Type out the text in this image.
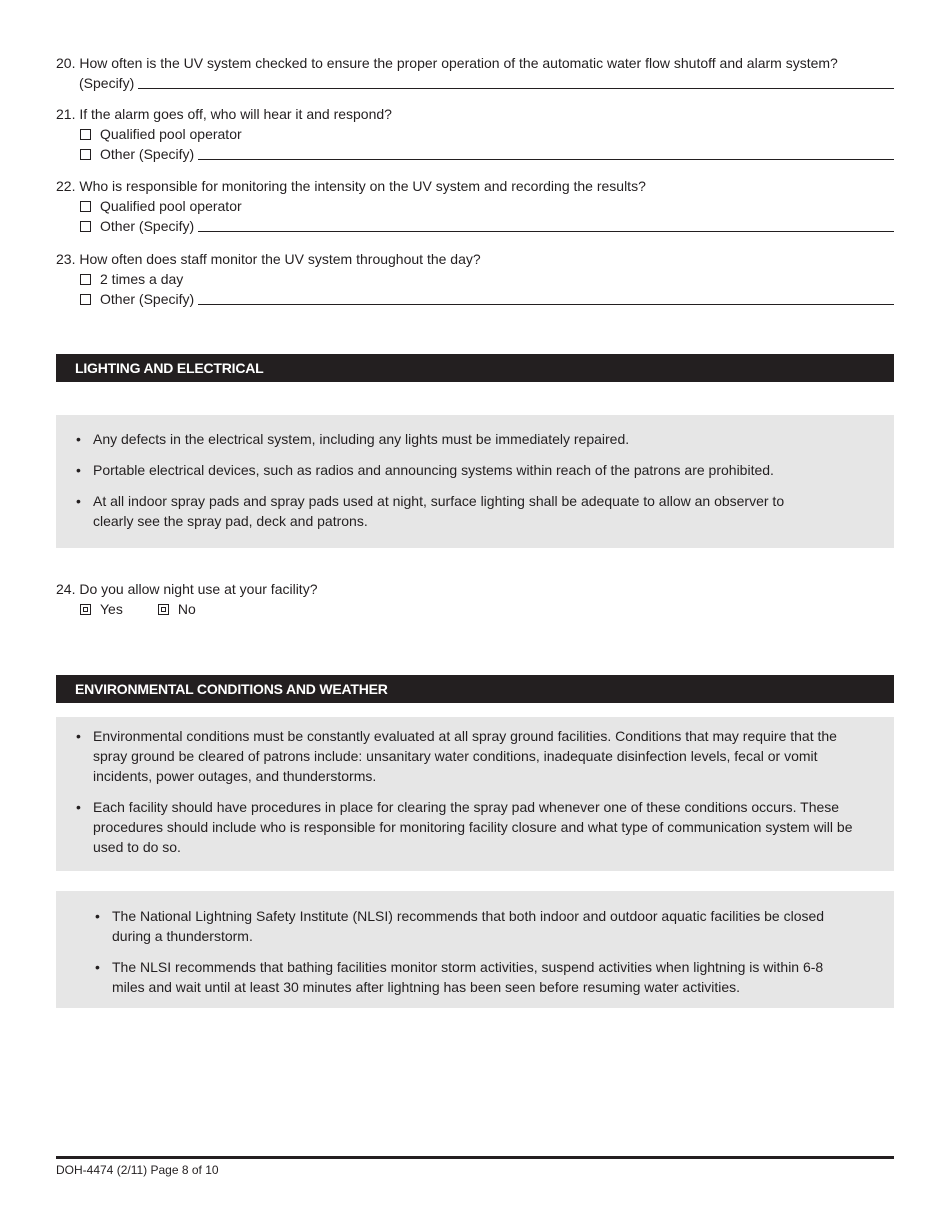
20. How often is the UV system checked to ensure the proper operation of the automatic water flow shutoff and alarm system?
(Specify)
21. If the alarm goes off, who will hear it and respond?
Qualified pool operator
Other (Specify)
22. Who is responsible for monitoring the intensity on the UV system and recording the results?
Qualified pool operator
Other (Specify)
23. How often does staff monitor the UV system throughout the day?
2 times a day
Other (Specify)
LIGHTING AND ELECTRICAL
• Any defects in the electrical system, including any lights must be immediately repaired.
• Portable electrical devices, such as radios and announcing systems within reach of the patrons are prohibited.
• At all indoor spray pads and spray pads used at night, surface lighting shall be adequate to allow an observer to clearly see the spray pad, deck and patrons.
24. Do you allow night use at your facility?
Yes	No
ENVIRONMENTAL CONDITIONS AND WEATHER
• Environmental conditions must be constantly evaluated at all spray ground facilities. Conditions that may require that the spray ground be cleared of patrons include: unsanitary water conditions, inadequate disinfection levels, fecal or vomit incidents, power outages, and thunderstorms.
• Each facility should have procedures in place for clearing the spray pad whenever one of these conditions occurs. These procedures should include who is responsible for monitoring facility closure and what type of communication system will be used to do so.
• The National Lightning Safety Institute (NLSI) recommends that both indoor and outdoor aquatic facilities be closed during a thunderstorm.
• The NLSI recommends that bathing facilities monitor storm activities, suspend activities when lightning is within 6-8 miles and wait until at least 30 minutes after lightning has been seen before resuming water activities.
DOH-4474 (2/11) Page 8 of 10
